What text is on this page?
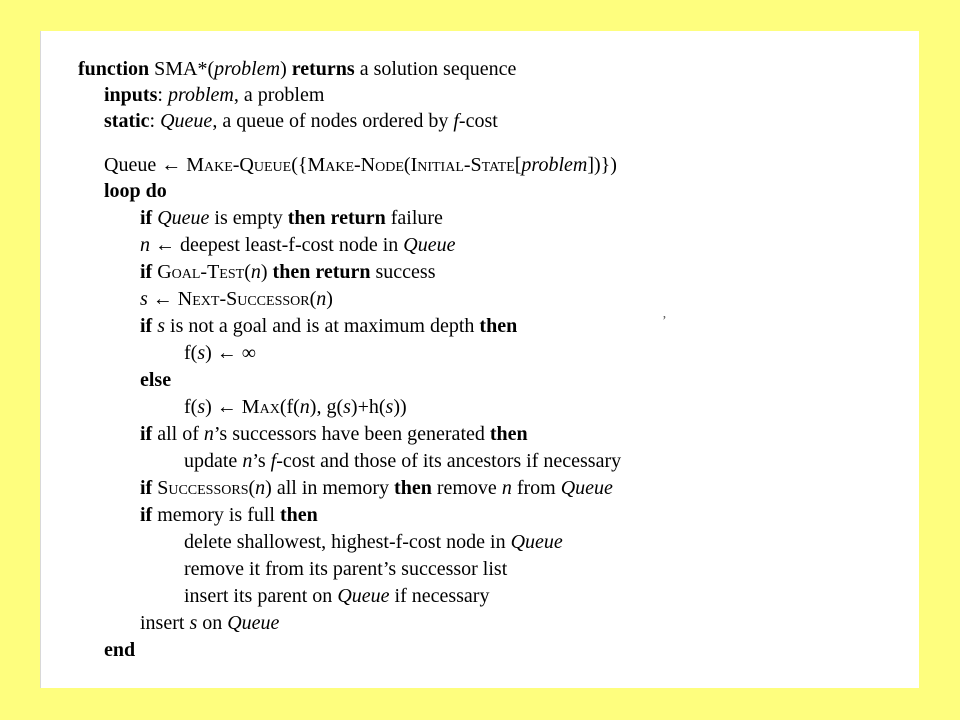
function SMA*(problem) returns a solution sequence
inputs: problem, a problem
static: Queue, a queue of nodes ordered by f-cost
Queue ← Make-Queue({Make-Node(Initial-State[problem])})
loop do
if Queue is empty then return failure
n ← deepest least-f-cost node in Queue
if Goal-Test(n) then return success
s ← Next-Successor(n)
if s is not a goal and is at maximum depth then
f(s) ← ∞
else
f(s) ← Max(f(n), g(s)+h(s))
if all of n’s successors have been generated then
update n’s f-cost and those of its ancestors if necessary
if Successors(n) all in memory then remove n from Queue
if memory is full then
delete shallowest, highest-f-cost node in Queue
remove it from its parent’s successor list
insert its parent on Queue if necessary
insert s on Queue
end
’
